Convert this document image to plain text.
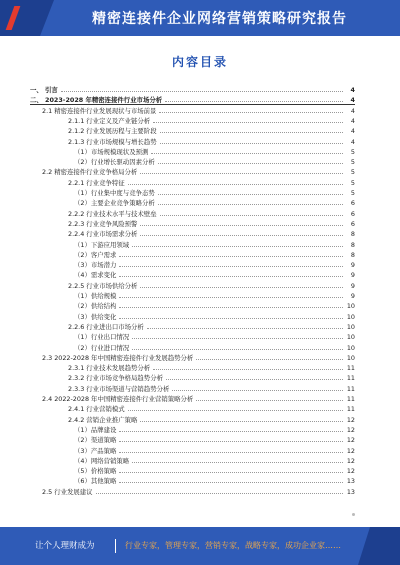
精密连接件企业网络营销策略研究报告
内容目录
一、 引言	4
二、 2023-2028 年精密连接件行业市场分析	4
2.1 精密连接件行业发展现状与市场前景	4
2.1.1 行业定义及产业链分析	4
2.1.2 行业发展历程与主要阶段	4
2.1.3 行业市场规模与增长趋势	4
（1）市场规模现状及预测	5
（2）行业增长驱动因素分析	5
2.2 精密连接件行业竞争格局分析	5
2.2.1 行业竞争特征	5
（1）行业集中度与竞争态势	5
（2）主要企业竞争策略分析	6
2.2.2 行业技术水平与技术壁垒	6
2.2.3 行业竞争风险预警	6
2.2.4 行业市场需求分析	8
（1）下游应用领域	8
（2）客户需求	8
（3）市场潜力	9
（4）需求变化	9
2.2.5 行业市场供给分析	9
（1）供给规模	9
（2）供给结构	10
（3）供给变化	10
2.2.6 行业进出口市场分析	10
（1）行业出口情况	10
（2）行业进口情况	10
2.3 2022-2028 年中国精密连接件行业发展趋势分析	10
2.3.1 行业技术发展趋势分析	11
2.3.2 行业市场竞争格局趋势分析	11
2.3.3 行业市场渠道与营销趋势分析	11
2.4 2022-2028 年中国精密连接件行业营销策略分析	11
2.4.1 行业营销模式	11
2.4.2 营销企业推广策略	12
（1）品牌建设	12
（2）渠道策略	12
（3）产品策略	12
（4）网络营销策略	12
（5）价格策略	12
（6）其他策略	13
2.5 行业发展建议	13
让个人理财成为	行业专家，管理专家，营销专家，战略专家，成功企业家……
